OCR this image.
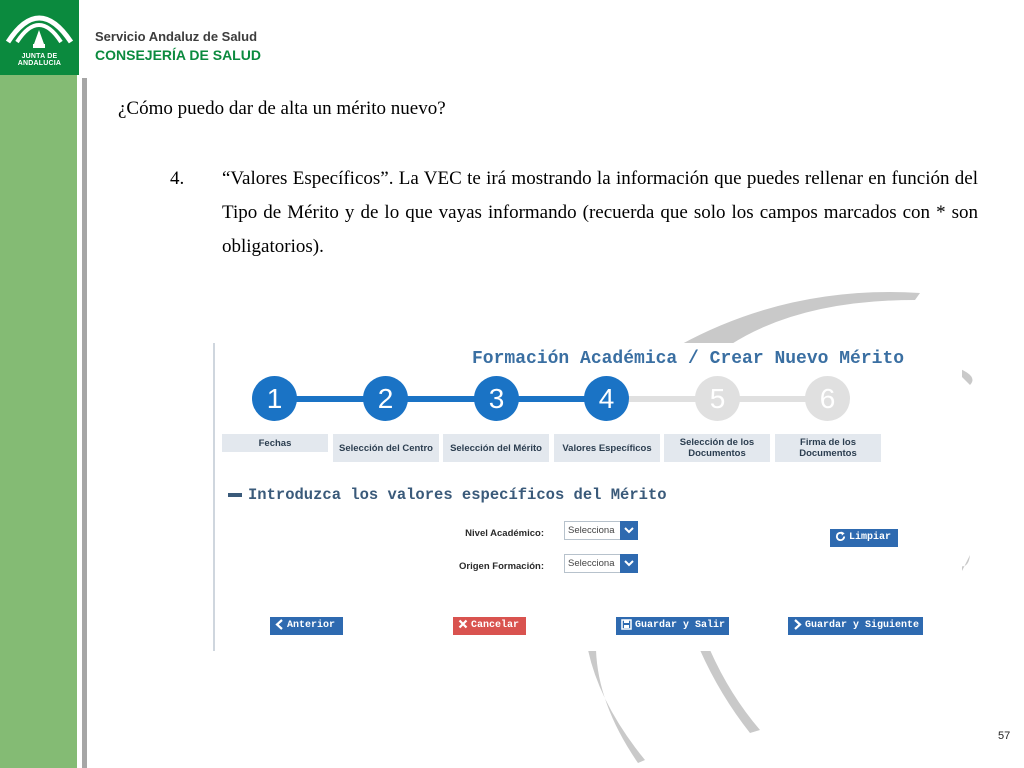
JUNTA DE ANDALUCIA
Servicio Andaluz de Salud
CONSEJERÍA DE SALUD
¿Cómo puedo dar de alta un mérito nuevo?
4. “Valores Específicos”. La VEC te irá mostrando la información que puedes rellenar en función del Tipo de Mérito y de lo que vayas informando (recuerda que solo los campos marcados con * son obligatorios).
Formación Académica / Crear Nuevo Mérito
1	2	3	4	5	6
Fechas	Selección del Centro	Selección del Mérito	Valores Específicos	Selección de los Documentos
Firma de los Documentos
Introduzca los valores específicos del Mérito
Nivel Académico:	Selecciona
Origen Formación:	Selecciona
Limpiar
Anterior	Cancelar	Guardar y Salir	Guardar y Siguiente
57
